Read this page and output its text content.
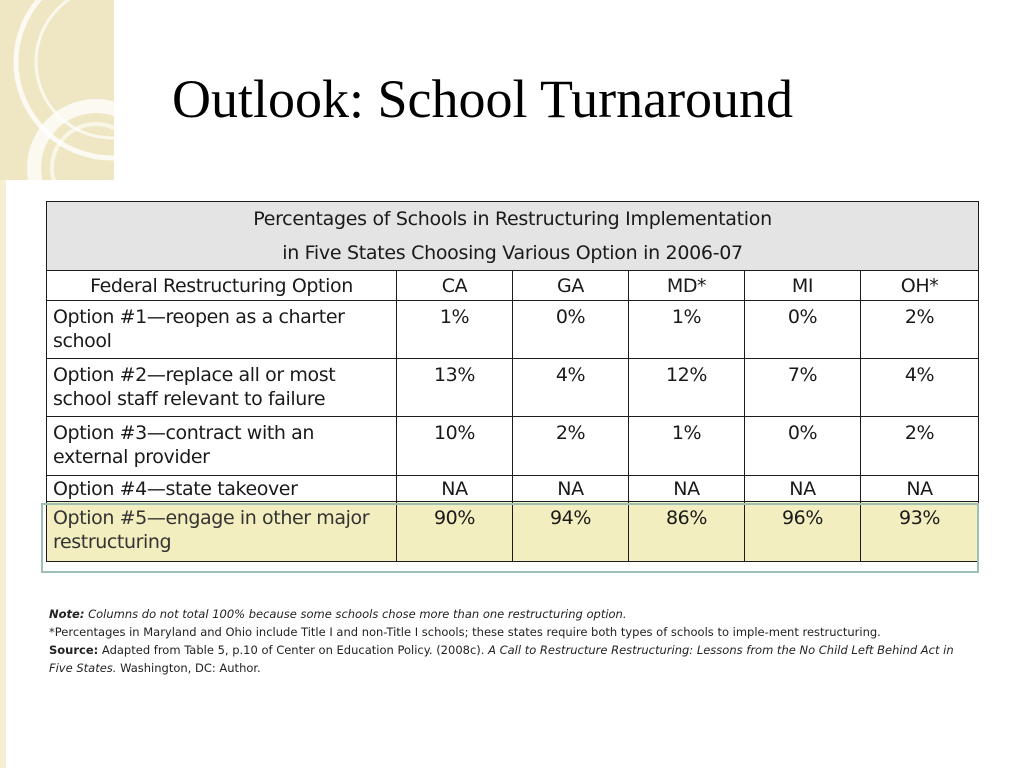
Outlook: School Turnaround
Percentages of Schools in Restructuring Implementation
in Five States Choosing Various Option in 2006-07					

Federal Restructuring Option	CA	GA	MD*	MI	OH*
Option #1—reopen as a charter school	1%	0%	1%	0%	2%
Option #2—replace all or most school staff relevant to failure	13%	4%	12%	7%	4%
Option #3—contract with an external provider	10%	2%	1%	0%	2%
Option #4—state takeover	NA	NA	NA	NA	NA
Option #5—engage in other major restructuring	90%	94%	86%	96%	93%

Note: Columns do not total 100% because some schools chose more than one restructuring option.

*Percentages in Maryland and Ohio include Title I and non-Title I schools; these states require both types of schools to imple-ment restructuring.

Source: Adapted from Table 5, p.10 of Center on Education Policy. (2008c). A Call to Restructure Restructuring: Lessons from the No Child Left Behind Act in Five States. Washington, DC: Author.
